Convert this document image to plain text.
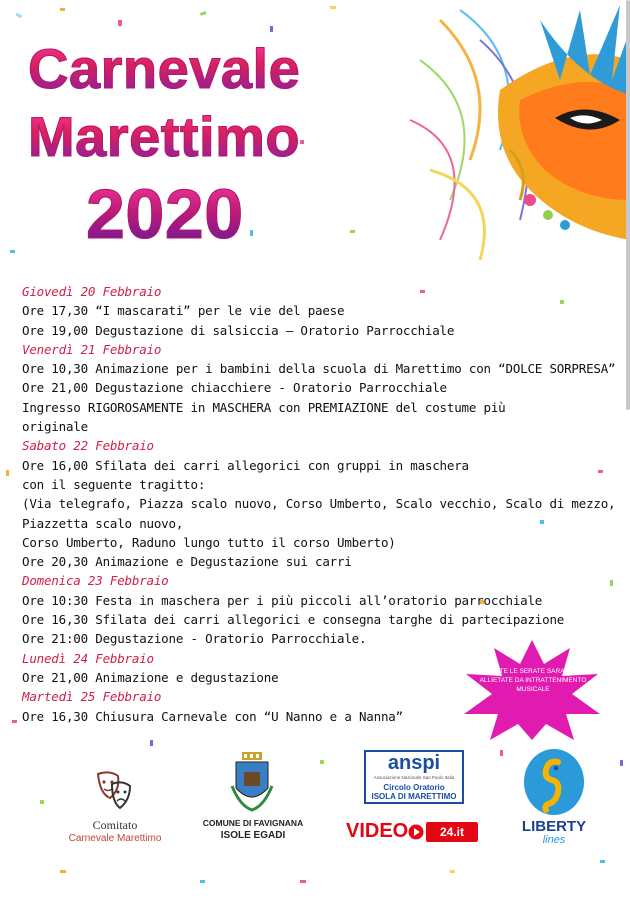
Carnevale
Marettimo
2020
Giovedì 20 Febbraio
Ore 17,30 “I mascarati” per le vie del paese
Ore 19,00 Degustazione di salsiccia – Oratorio Parrocchiale
Venerdì 21 Febbraio
Ore 10,30 Animazione per i bambini della scuola di Marettimo con “DOLCE SORPRESA”
Ore 21,00 Degustazione chiacchiere - Oratorio Parrocchiale
Ingresso RIGOROSAMENTE in MASCHERA con PREMIAZIONE del costume più
originale
Sabato 22 Febbraio
Ore 16,00 Sfilata dei carri allegorici con gruppi in maschera
con il seguente tragitto:
(Via telegrafo, Piazza scalo nuovo, Corso Umberto, Scalo vecchio, Scalo di mezzo,
Piazzetta scalo nuovo,
Corso Umberto, Raduno lungo tutto il corso Umberto)
Ore 20,30 Animazione e Degustazione sui carri
Domenica 23 Febbraio
Ore 10:30 Festa in maschera per i più piccoli all’oratorio parrocchiale
Ore 16,30 Sfilata dei carri allegorici e consegna targhe di partecipazione
Ore 21:00 Degustazione - Oratorio Parrocchiale.
Lunedì 24 Febbraio
Ore 21,00 Animazione e degustazione
Martedì 25 Febbraio
Ore 16,30 Chiusura Carnevale con “U Nanno e a Nanna”
TUTTE LE SERATE SARANNO ALLIETATE DA INTRATTENIMENTO MUSICALE
Comitato
Carnevale Marettimo
COMUNE DI FAVIGNANA
ISOLE EGADI
anspi
Associazione Nazionale San Paolo Italia
Circolo Oratorio
ISOLA DI MARETTIMO
VIDEO	24.it	LIBERTY
lines
